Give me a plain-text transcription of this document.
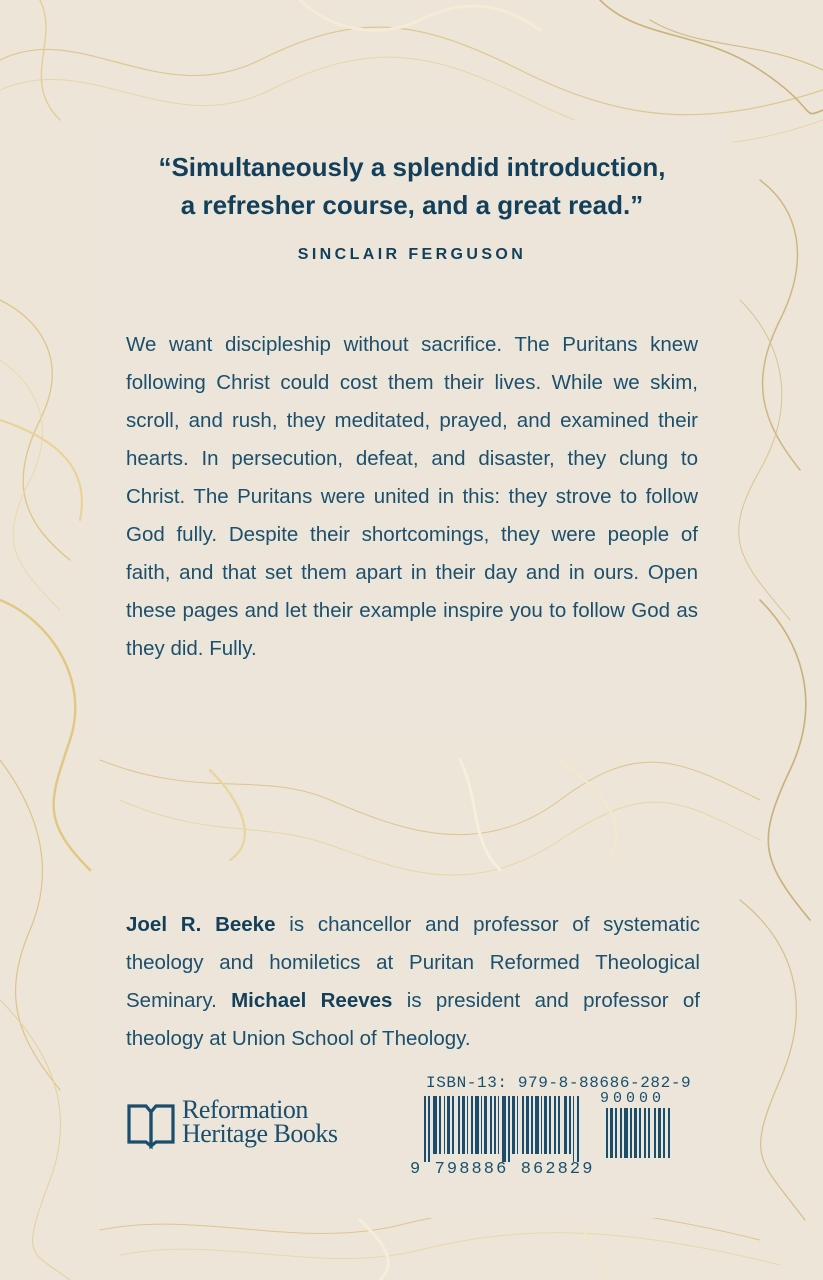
“Simultaneously a splendid introduction,
a refresher course, and a great read.”
SINCLAIR FERGUSON

We want discipleship without sacrifice. The Puritans knew following Christ could cost them their lives. While we skim, scroll, and rush, they meditated, prayed, and examined their hearts. In persecution, defeat, and disaster, they clung to Christ. The Puritans were united in this: they strove to follow God fully. Despite their shortcomings, they were people of faith, and that set them apart in their day and in ours. Open these pages and let their example inspire you to follow God as they did. Fully.

Joel R. Beeke is chancellor and professor of systematic theology and homiletics at Puritan Reformed Theological Seminary. Michael Reeves is president and professor of theology at Union School of Theology.

Reformation
Heritage Books
ISBN-13: 979-8-88686-282-9
90000
9 798886 862829
